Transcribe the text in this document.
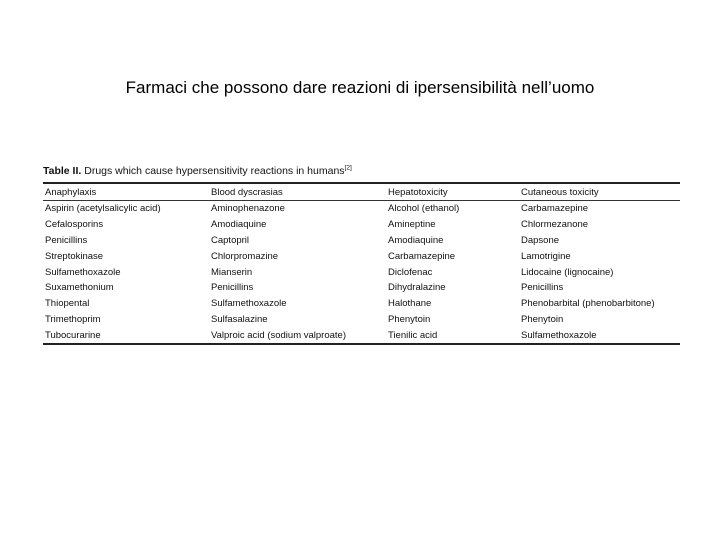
Farmaci che possono dare reazioni di ipersensibilità nell’uomo
Table II. Drugs which cause hypersensitivity reactions in humans[2]
Anaphylaxis	Blood dyscrasias	Hepatotoxicity	Cutaneous toxicity
Aspirin (acetylsalicylic acid)	Aminophenazone	Alcohol (ethanol)	Carbamazepine
Cefalosporins	Amodiaquine	Amineptine	Chlormezanone
Penicillins	Captopril	Amodiaquine	Dapsone
Streptokinase	Chlorpromazine	Carbamazepine	Lamotrigine
Sulfamethoxazole	Mianserin	Diclofenac	Lidocaine (lignocaine)
Suxamethonium	Penicillins	Dihydralazine	Penicillins
Thiopental	Sulfamethoxazole	Halothane	Phenobarbital (phenobarbitone)
Trimethoprim	Sulfasalazine	Phenytoin	Phenytoin
Tubocurarine	Valproic acid (sodium valproate)	Tienilic acid	Sulfamethoxazole
